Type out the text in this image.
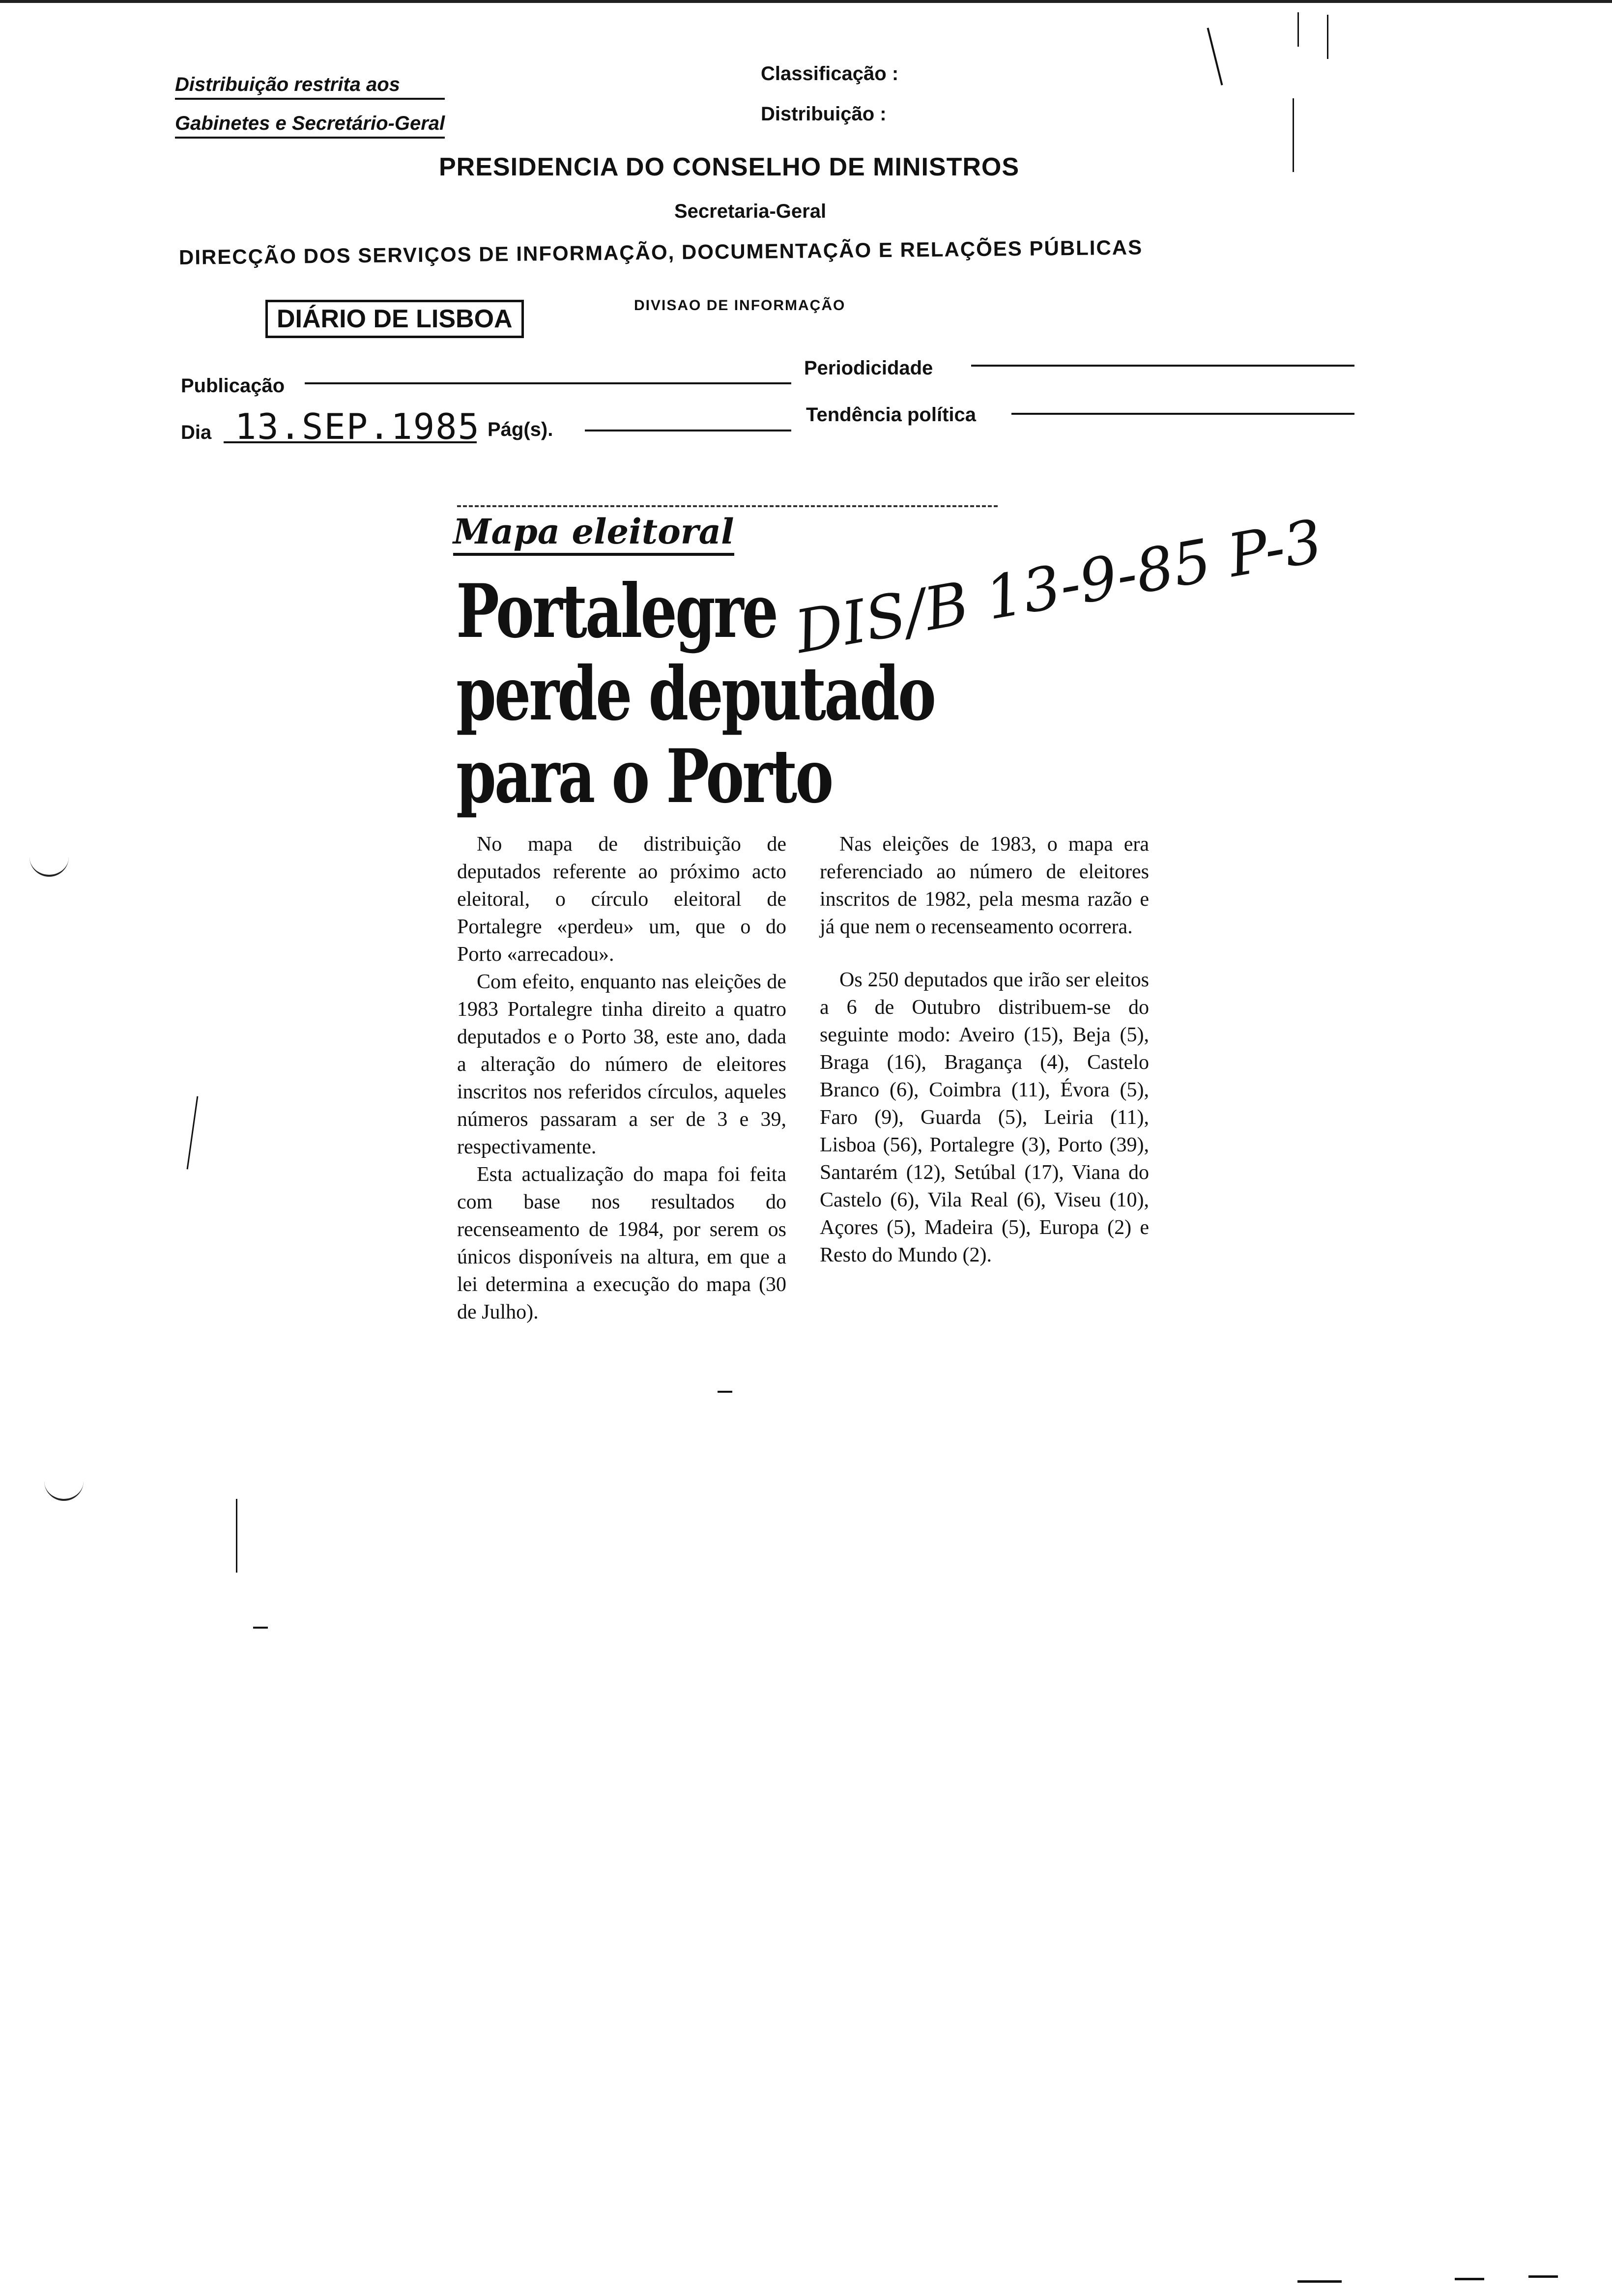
Distribuição restrita aos
Gabinetes e Secretário-Geral
Classificação :
Distribuição :
PRESIDENCIA DO CONSELHO DE MINISTROS
Secretaria-Geral
DIRECÇÃO DOS SERVIÇOS DE INFORMAÇÃO, DOCUMENTAÇÃO E RELAÇÕES PÚBLICAS
DIÁRIO DE LISBOA	DIVISAO DE INFORMAÇÃO
Periodicidade
Publicação
Dia 13.SEP.1985 Pág(s).
Tendência política
Mapa eleitoral
Portalegre
perde deputado
para o Porto
DIS/B 13-9-85 P-3

No mapa de distribuição de deputados referente ao próximo acto eleitoral, o círculo eleitoral de Portalegre «perdeu» um, que o do Porto «arrecadou».

Com efeito, enquanto nas eleições de 1983 Portalegre tinha direito a quatro deputados e o Porto 38, este ano, dada a alteração do número de eleitores inscritos nos referidos círculos, aqueles números passaram a ser de 3 e 39, respectivamente.

Esta actualização do mapa foi feita com base nos resultados do recenseamento de 1984, por serem os únicos disponíveis na altura, em que a lei determina a execução do mapa (30 de Julho).

Nas eleições de 1983, o mapa era referenciado ao número de eleitores inscritos de 1982, pela mesma razão e já que nem o recenseamento ocorrera.

Os 250 deputados que irão ser eleitos a 6 de Outubro distribuem-se do seguinte modo: Aveiro (15), Beja (5), Braga (16), Bragança (4), Castelo Branco (6), Coimbra (11), Évora (5), Faro (9), Guarda (5), Leiria (11), Lisboa (56), Portalegre (3), Porto (39), Santarém (12), Setúbal (17), Viana do Castelo (6), Vila Real (6), Viseu (10), Açores (5), Madeira (5), Europa (2) e Resto do Mundo (2).
